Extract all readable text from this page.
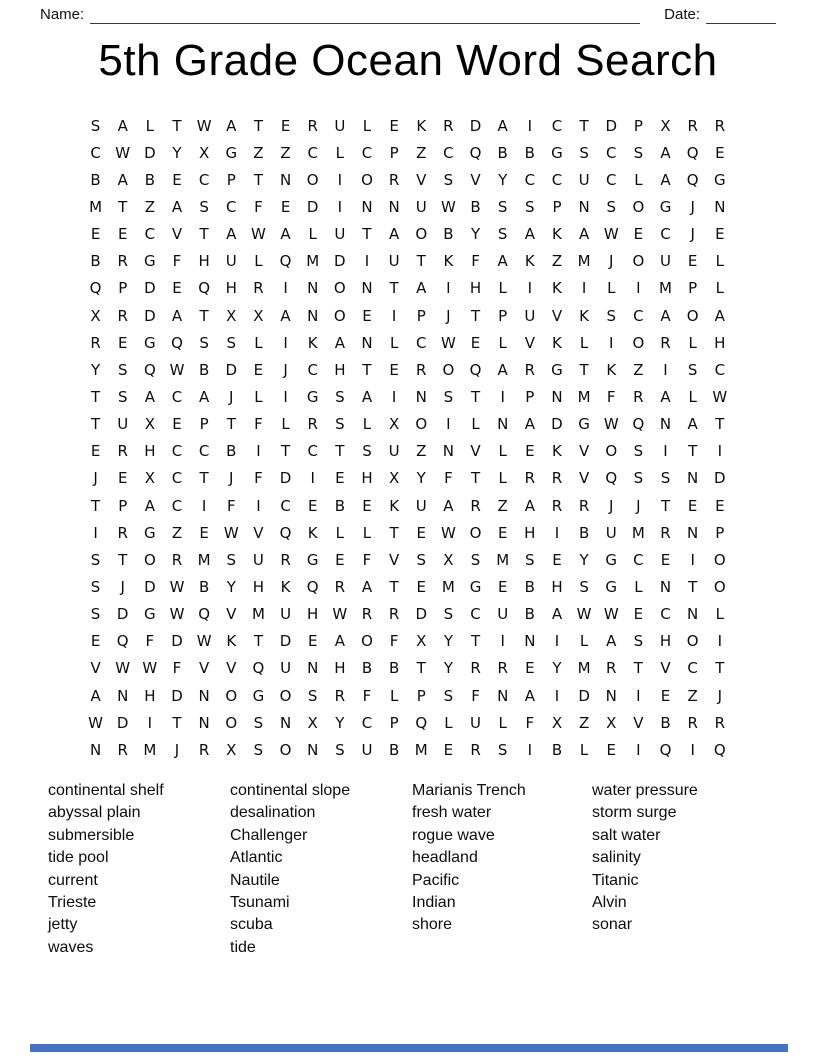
Name:	Date:
5th Grade Ocean Word Search
S	A	L	T	W A	T	E	R	U	L	E	K	R	D	A	I	C	T	D	P	X	R	R
C W D	Y	X	G	Z	Z	C	L	C	P	Z	C	Q	B	B	G	S	C	S	A	Q	E
B	A	B	E	C	P	T	N	O	I	O	R	V	S	V	Y	C	C	U	C	L	A	Q	G
M	T	Z	A	S	C	F	E	D	I	N	N	U W B	S	S	P	N	S	O	G	J	N
E	E	C	V	T	A W A	L	U	T	A	O	B	Y	S	A	K	A W E	C	J	E
B	R	G	F	H	U	L	Q M D	I	U	T	K	F	A	K	Z	M	J	O	U	E	L
Q	P	D	E	Q	H	R	I	N	O	N	T	A	I	H	L	I	K	I	L	I	M	P	L
X	R	D	A	T	X	X	A	N	O	E	I	P	J	T	P	U	V	K	S	C	A	O	A
R	E	G	Q	S	S	L	I	K	A	N	L	C W E	L	V	K	L	I	O	R	L	H
Y	S	Q W B	D	E	J	C	H	T	E	R	O	Q	A	R	G	T	K	Z	I	S	C
T	S	A	C	A	J	L	I	G	S	A	I	N	S	T	I	P	N	M	F	R	A	L	W
T	U	X	E	P	T	F	L	R	S	L	X	O	I	L	N	A	D	G W Q	N	A	T
E	R	H	C	C	B	I	T	C	T	S	U	Z	N	V	L	E	K	V	O	S	I	T	I
J	E	X	C	T	J	F	D	I	E	H	X	Y	F	T	L	R	R	V	Q	S	S	N	D
T	P	A	C	I	F	I	C	E	B	E	K	U	A	R	Z	A	R	R	J	J	T	E	E
I	R	G	Z	E W V	Q	K	L	L	T	E W O	E	H	I	B	U	M	R	N	P
S	T	O	R	M	S	U	R	G	E	F	V	S	X	S	M	S	E	Y	G	C	E	I	O
S	J	D W B	Y	H	K	Q	R	A	T	E	M G	E	B	H	S	G	L	N	T	O
S	D	G W Q	V	M	U	H W R	R	D	S	C	U	B	A W W E	C	N	L
E	Q	F	D W K	T	D	E	A	O	F	X	Y	T	I	N	I	L	A	S	H	O	I
V W W	F	V	V	Q	U	N	H	B	B	T	Y	R	R	E	Y	M	R	T	V	C	T
A	N	H	D	N	O	G	O	S	R	F	L	P	S	F	N	A	I	D	N	I	E	Z	J
W D	I	T	N	O	S	N	X	Y	C	P	Q	L	U	L	F	X	Z	X	V	B	R	R
N	R	M	J	R	X	S	O	N	S	U	B	M	E	R	S	I	B	L	E	I	Q	I	Q
continental shelf
abyssal plain
submersible
tide pool
current
Trieste
jetty
waves
continental slope
desalination
Challenger
Atlantic
Nautile
Tsunami
scuba
tide
Marianis Trench
fresh water
rogue wave
headland
Pacific
Indian
shore
water pressure
storm surge
salt water
salinity
Titanic
Alvin
sonar
